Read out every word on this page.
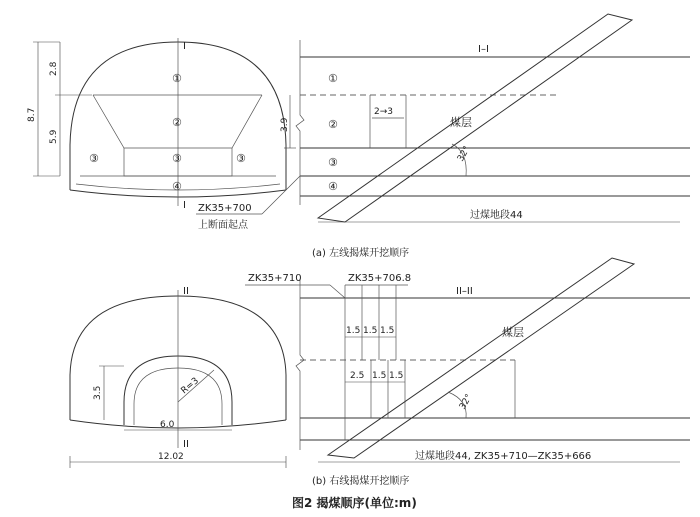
I
I
①
②
③	③	③
④
8.7
2.8
5.9
3.9
ZK35+700
上断面起点
2→3
煤层
32°
I–I
①
②
③
④
过煤地段44
(a) 左线揭煤开挖顺序
R=3
II
II
3.5
6.0
12.02
ZK35+710	ZK35+706.8
1.5 1.5 1.5
2.5 1.5 1.5
煤层
32°
II–II
过煤地段44, ZK35+710—ZK35+666
(b) 右线揭煤开挖顺序
图2 揭煤顺序(单位:m)
